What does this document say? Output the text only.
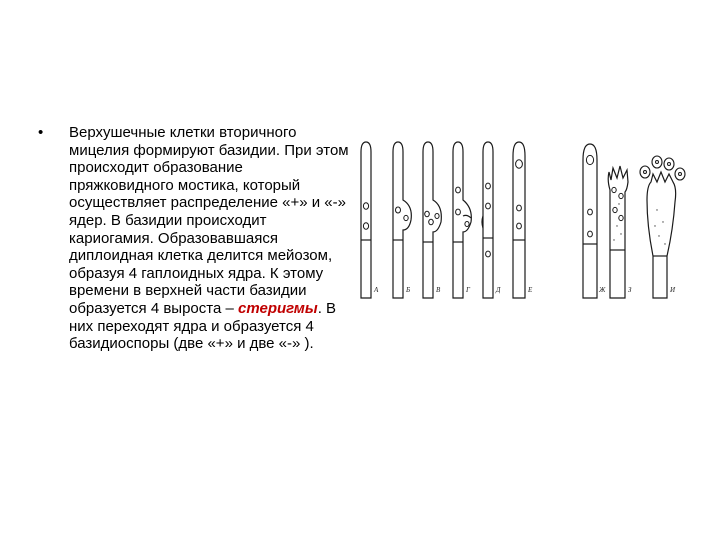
• Верхушечные клетки вторичного мицелия формируют базидии. При этом происходит образование пряжковидного мостика, который осуществляет распределение «+» и «-» ядер. В базидии происходит кариогамия. Образовавшаяся диплоидная клетка делится мейозом, образуя 4 гаплоидных ядра. К этому времени в верхней части базидии образуется 4 выроста – стеригмы. В них переходят ядра и образуется 4 базидиоспоры (две «+» и две «-» ).
А	Б	В	Г	Д	Е	Ж	З	И
